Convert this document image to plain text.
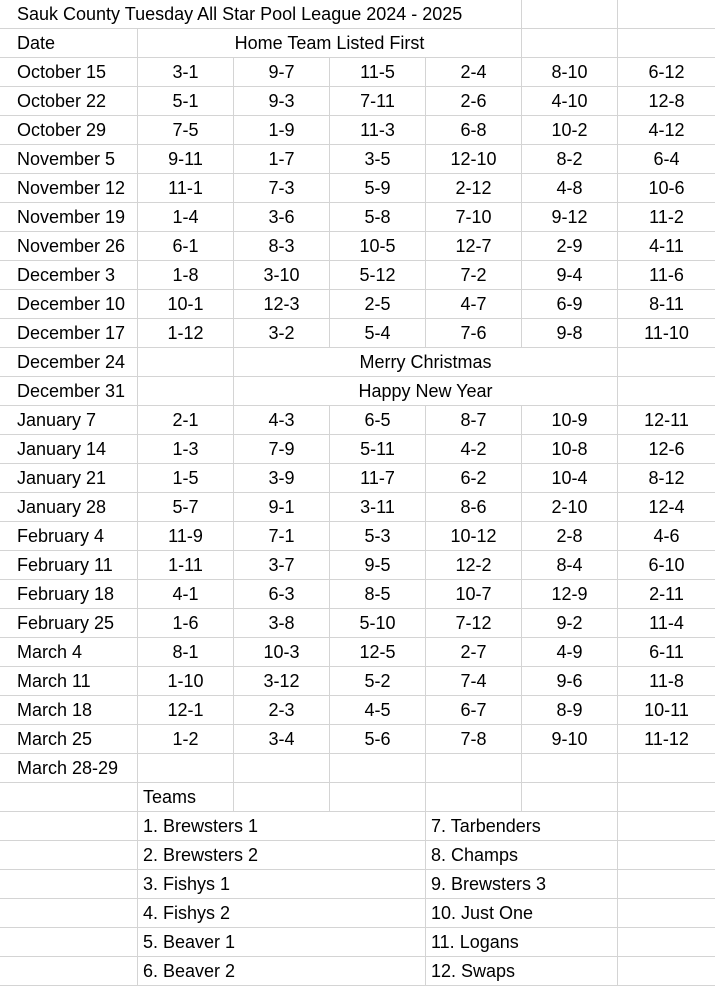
Sauk County Tuesday All Star Pool League 2024 - 2025
Date	Home Team Listed First
October 15	3-1	9-7	11-5	2-4	8-10	6-12
October 22	5-1	9-3	7-11	2-6	4-10	12-8
October 29	7-5	1-9	11-3	6-8	10-2	4-12
November 5	9-11	1-7	3-5	12-10	8-2	6-4
November 12	11-1	7-3	5-9	2-12	4-8	10-6
November 19	1-4	3-6	5-8	7-10	9-12	11-2
November 26	6-1	8-3	10-5	12-7	2-9	4-11
December 3	1-8	3-10	5-12	7-2	9-4	11-6
December 10	10-1	12-3	2-5	4-7	6-9	8-11
December 17	1-12	3-2	5-4	7-6	9-8	11-10
December 24	Merry Christmas
December 31	Happy New Year
January 7	2-1	4-3	6-5	8-7	10-9	12-11
January 14	1-3	7-9	5-11	4-2	10-8	12-6
January 21	1-5	3-9	11-7	6-2	10-4	8-12
January 28	5-7	9-1	3-11	8-6	2-10	12-4
February 4	11-9	7-1	5-3	10-12	2-8	4-6
February 11	1-11	3-7	9-5	12-2	8-4	6-10
February 18	4-1	6-3	8-5	10-7	12-9	2-11
February 25	1-6	3-8	5-10	7-12	9-2	11-4
March 4	8-1	10-3	12-5	2-7	4-9	6-11
March 11	1-10	3-12	5-2	7-4	9-6	11-8
March 18	12-1	2-3	4-5	6-7	8-9	10-11
March 25	1-2	3-4	5-6	7-8	9-10	11-12
March 28-29
Teams
1. Brewsters 1	7. Tarbenders
2. Brewsters 2	8. Champs
3. Fishys 1	9. Brewsters 3
4. Fishys 2	10. Just One
5. Beaver 1	11. Logans
6. Beaver 2	12. Swaps
